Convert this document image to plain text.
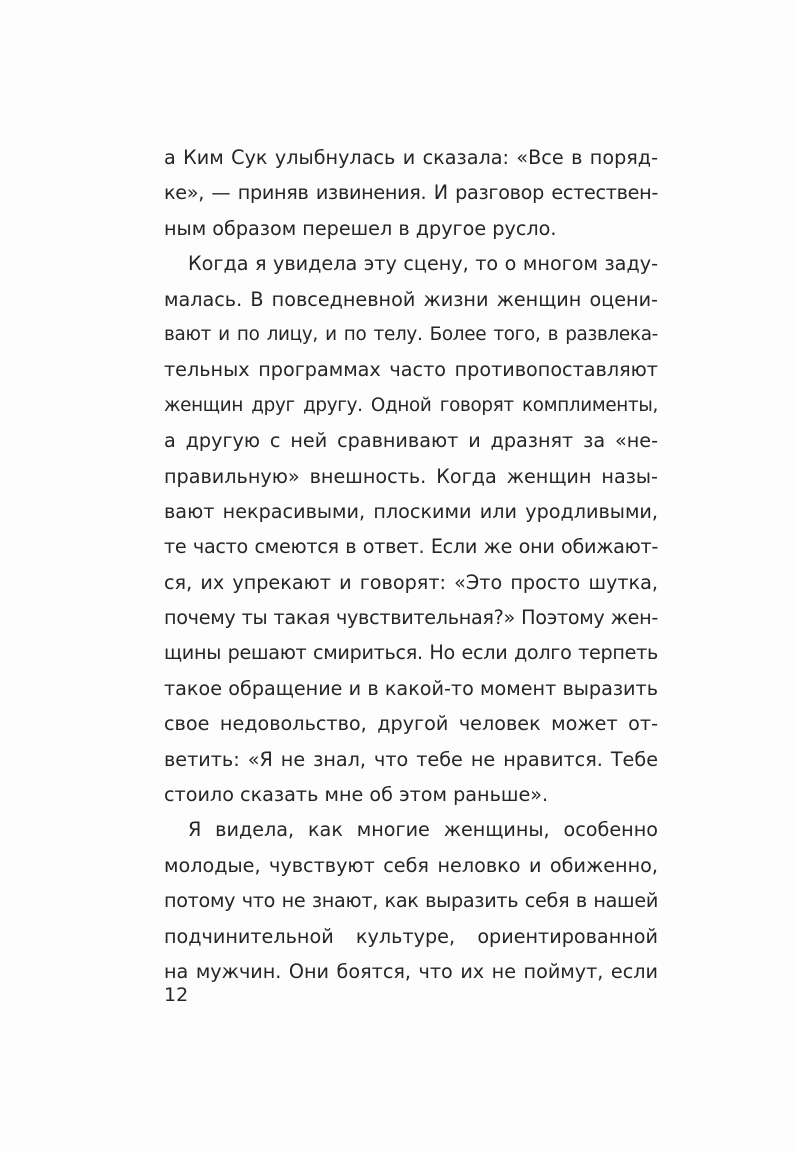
а Ким Сук улыбнулась и сказала: «Все в поряд-
ке», — приняв извинения. И разговор естествен-
ным образом перешел в другое русло.
Когда я увидела эту сцену, то о многом заду-
малась. В повседневной жизни женщин оцени-
вают и по лицу, и по телу. Более того, в развлека-
тельных программах часто противопоставляют
женщин друг другу. Одной говорят комплименты,
а другую с ней сравнивают и дразнят за «не-
правильную» внешность. Когда женщин назы-
вают некрасивыми, плоскими или уродливыми,
те часто смеются в ответ. Если же они обижают-
ся, их упрекают и говорят: «Это просто шутка,
почему ты такая чувствительная?» Поэтому жен-
щины решают смириться. Но если долго терпеть
такое обращение и в какой-то момент выразить
свое недовольство, другой человек может от-
ветить: «Я не знал, что тебе не нравится. Тебе
стоило сказать мне об этом раньше».
Я видела, как многие женщины, особенно
молодые, чувствуют себя неловко и обиженно,
потому что не знают, как выразить себя в нашей
подчинительной культуре, ориентированной
на мужчин. Они боятся, что их не поймут, если
12
